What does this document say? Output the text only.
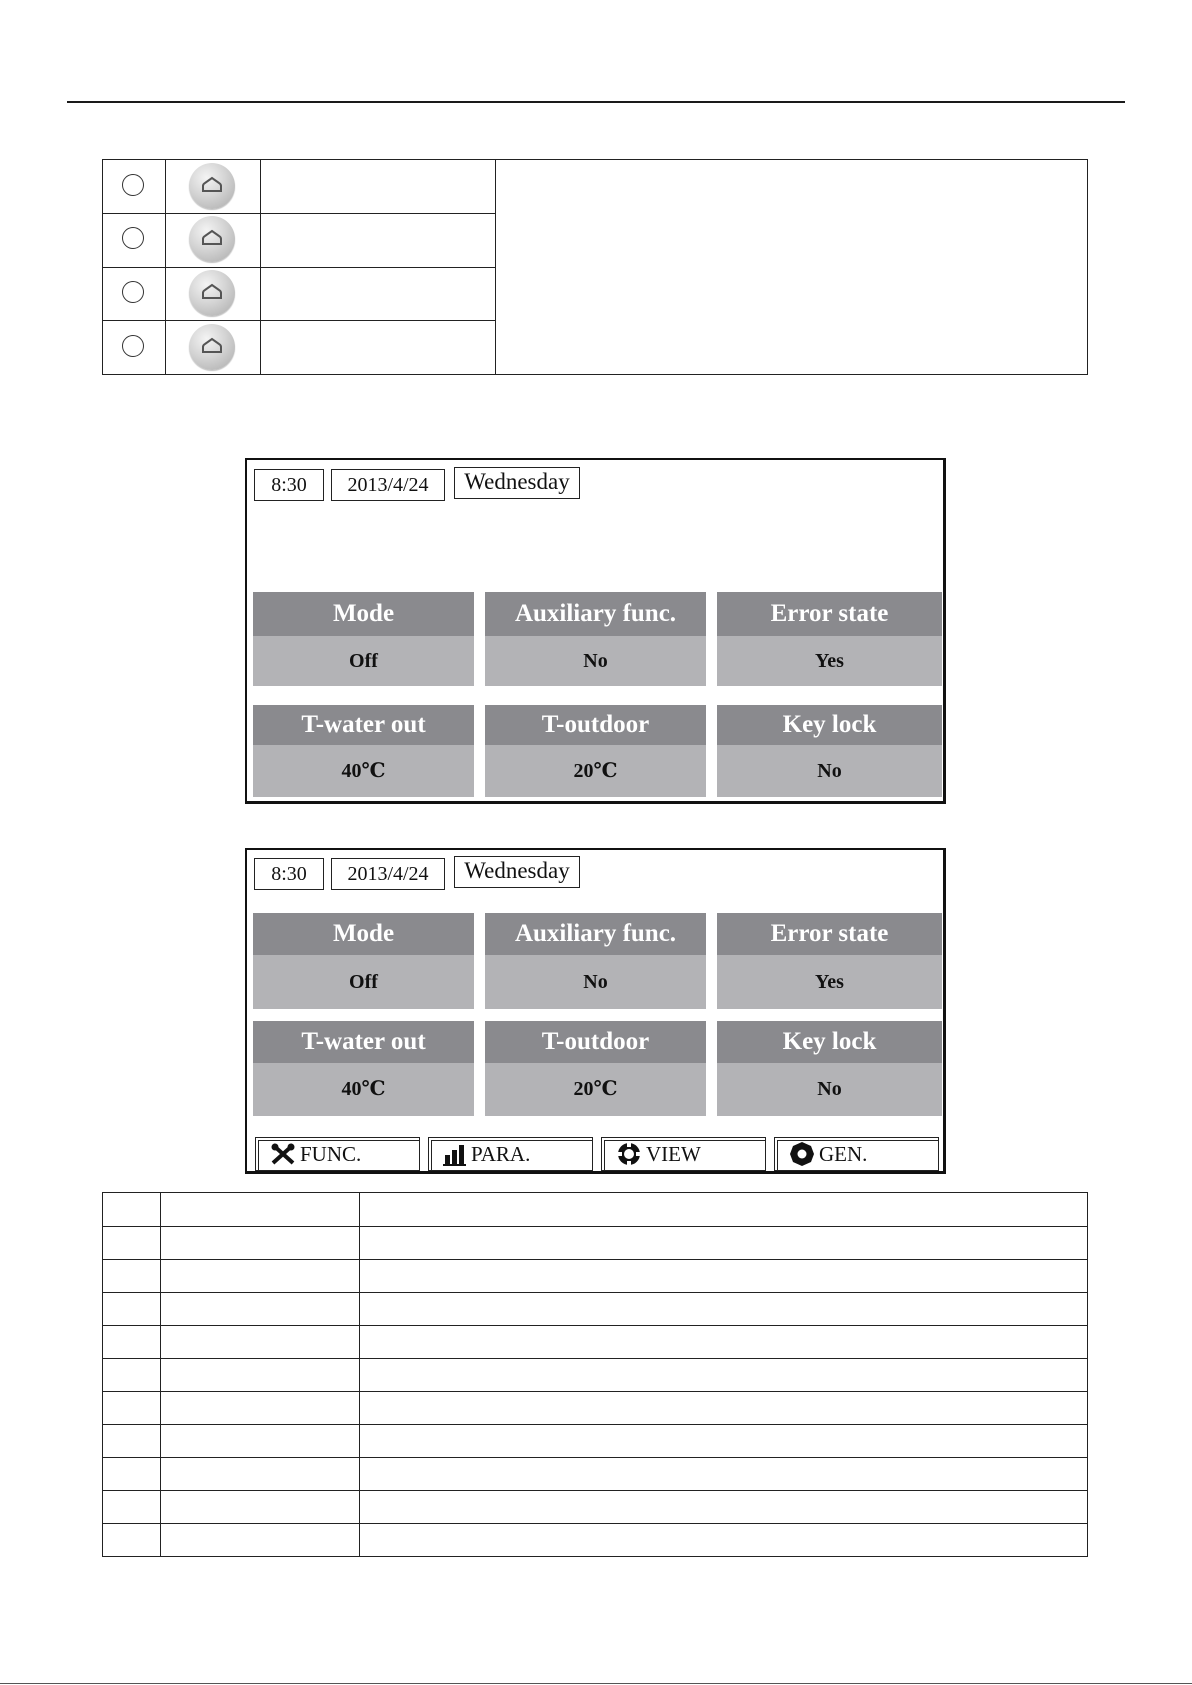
8:30	2013/4/24	Wednesday
Mode
Off
Auxiliary func.
No
Error state
Yes
T-water out
40℃
T-outdoor
20℃
Key lock
No
8:30	2013/4/24	Wednesday
Mode
Off
Auxiliary func.
No
Error state
Yes
T-water out
40℃
T-outdoor
20℃
Key lock
No
FUNC.	PARA.	VIEW	GEN.
